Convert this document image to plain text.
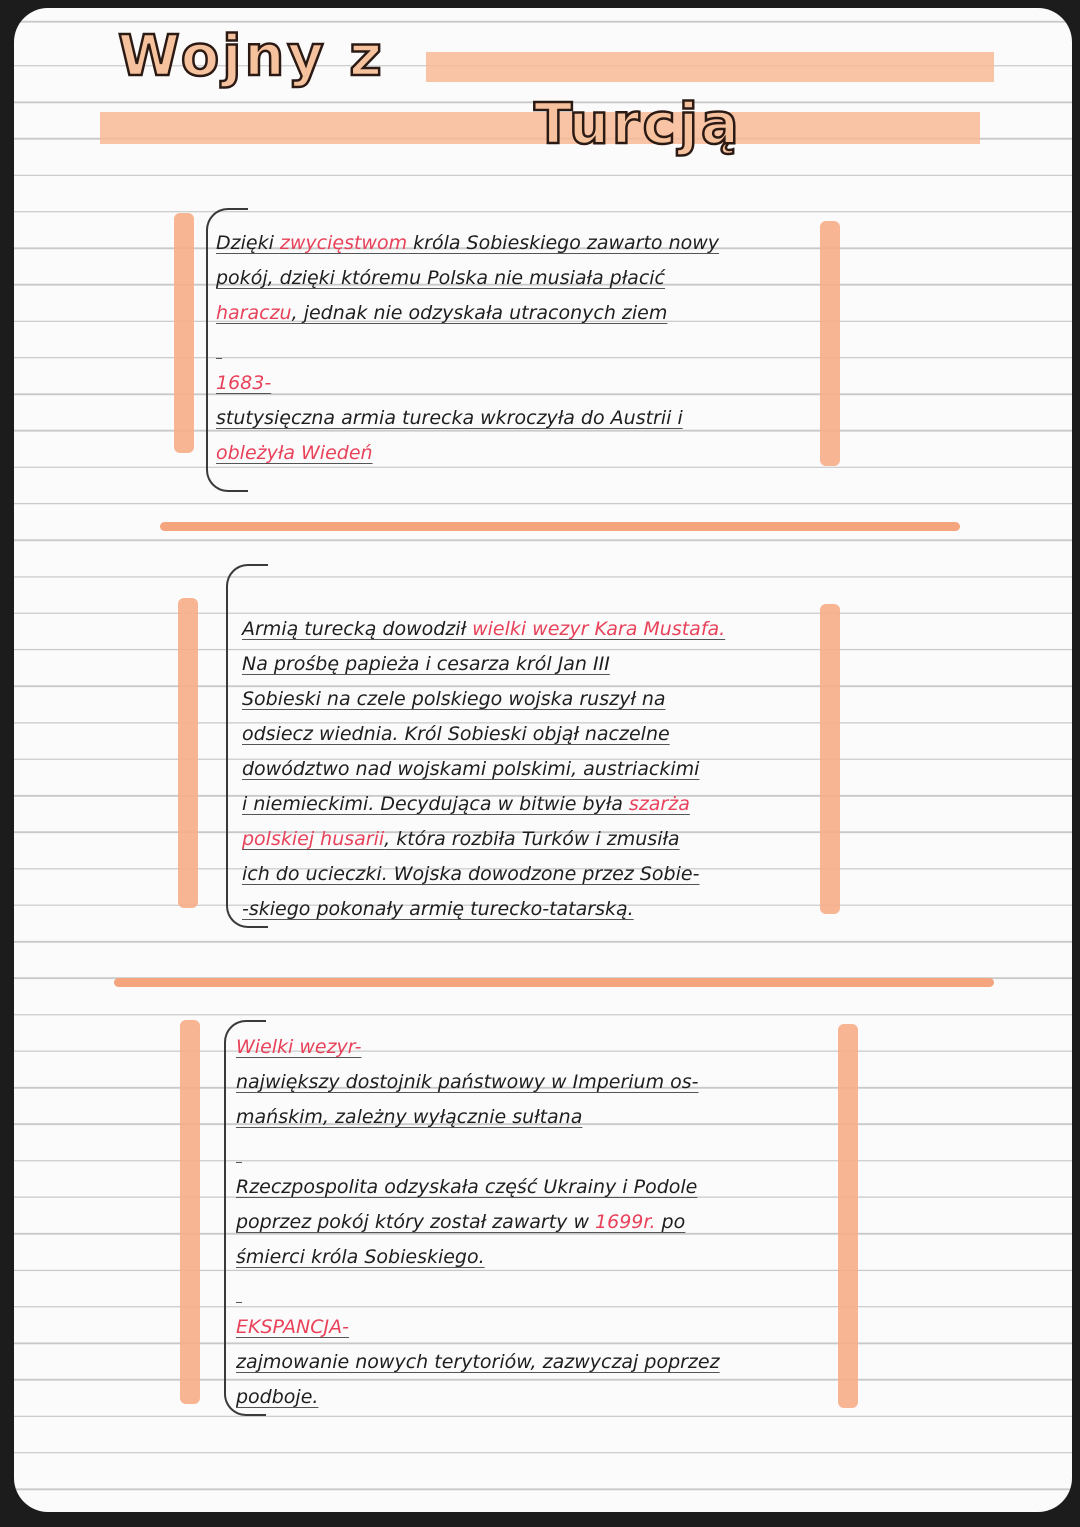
Wojny z
Turcją
Dzięki zwycięstwom króla Sobieskiego zawarto nowy
pokój, dzięki któremu Polska nie musiała płacić
haraczu, jednak nie odzyskała utraconych ziem

1683-
stutysięczna armia turecka wkroczyła do Austrii i
obleżyła Wiedeń
Armią turecką dowodził wielki wezyr Kara Mustafa.
Na prośbę papieża i cesarza król Jan III
Sobieski na czele polskiego wojska ruszył na
odsiecz wiednia. Król Sobieski objął naczelne
dowództwo nad wojskami polskimi, austriackimi
i niemieckimi. Decydująca w bitwie była szarża
polskiej husarii, która rozbiła Turków i zmusiła
ich do ucieczki. Wojska dowodzone przez Sobie-
-skiego pokonały armię turecko-tatarską.
Wielki wezyr-
największy dostojnik państwowy w Imperium os-
mańskim, zależny wyłącznie sułtana

Rzeczpospolita odzyskała część Ukrainy i Podole
poprzez pokój który został zawarty w 1699r. po
śmierci króla Sobieskiego.

EKSPANCJA-
zajmowanie nowych terytoriów, zazwyczaj poprzez
podboje.
